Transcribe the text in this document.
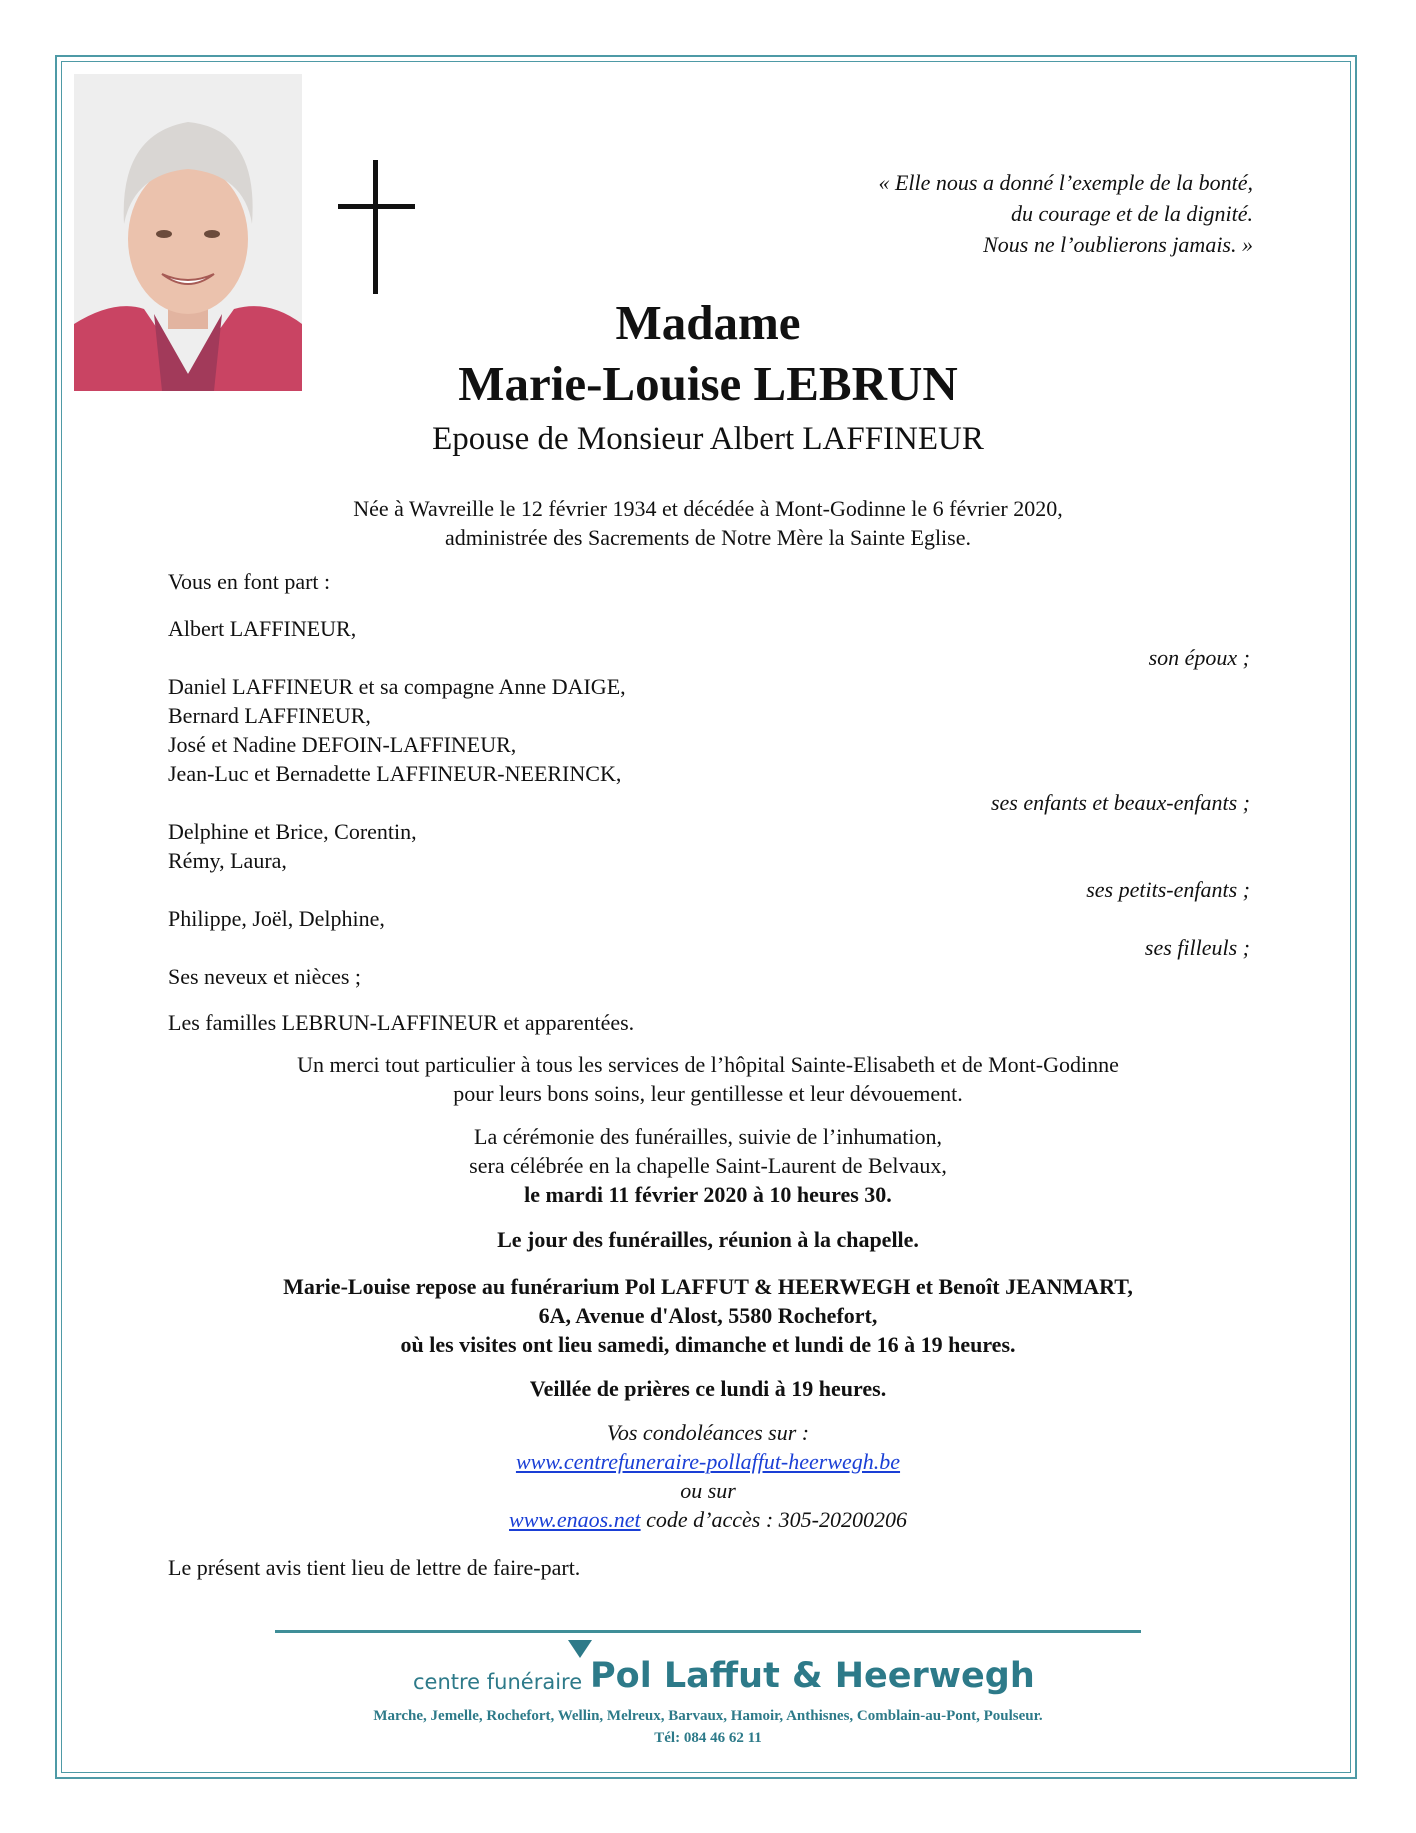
« Elle nous a donné l’exemple de la bonté,
du courage et de la dignité.
Nous ne l’oublierons jamais. »
Madame
Marie-Louise LEBRUN
Epouse de Monsieur Albert LAFFINEUR
Née à Wavreille le 12 février 1934 et décédée à Mont-Godinne le 6 février 2020,
administrée des Sacrements de Notre Mère la Sainte Eglise.
Vous en font part :
Albert LAFFINEUR,
son époux ;
Daniel LAFFINEUR et sa compagne Anne DAIGE,
Bernard LAFFINEUR,
José et Nadine DEFOIN-LAFFINEUR,
Jean-Luc et Bernadette LAFFINEUR-NEERINCK,
ses enfants et beaux-enfants ;
Delphine et Brice, Corentin,
Rémy, Laura,
ses petits-enfants ;
Philippe, Joël, Delphine,
ses filleuls ;
Ses neveux et nièces ;
Les familles LEBRUN-LAFFINEUR et apparentées.
Un merci tout particulier à tous les services de l’hôpital Sainte-Elisabeth et de Mont-Godinne
pour leurs bons soins, leur gentillesse et leur dévouement.
La cérémonie des funérailles, suivie de l’inhumation,
sera célébrée en la chapelle Saint-Laurent de Belvaux,
le mardi 11 février 2020 à 10 heures 30.
Le jour des funérailles, réunion à la chapelle.
Marie-Louise repose au funérarium Pol LAFFUT & HEERWEGH et Benoît JEANMART,
6A, Avenue d'Alost, 5580 Rochefort,
où les visites ont lieu samedi, dimanche et lundi de 16 à 19 heures.
Veillée de prières ce lundi à 19 heures.
Vos condoléances sur :
www.centrefuneraire-pollaffut-heerwegh.be
ou sur
www.enaos.net code d’accès : 305-20200206
Le présent avis tient lieu de lettre de faire-part.
centre funéraire Pol Laffut & Heerwegh
Marche, Jemelle, Rochefort, Wellin, Melreux, Barvaux, Hamoir, Anthisnes, Comblain-au-Pont, Poulseur.
Tél: 084 46 62 11
